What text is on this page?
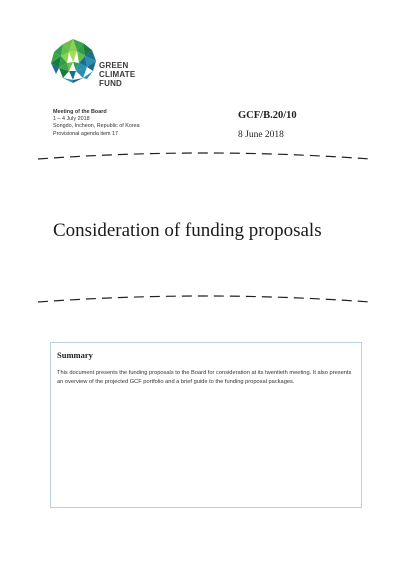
GREEN
CLIMATE
FUND
Meeting of the Board
1 – 4 July 2018
Songdo, Incheon, Republic of Korea
Provisional agenda item 17
GCF/B.20/10
8 June 2018
Consideration of funding proposals
Summary
This document presents the funding proposals to the Board for consideration at its twentieth meeting. It also presents an overview of the projected GCF portfolio and a brief guide to the funding proposal packages.
